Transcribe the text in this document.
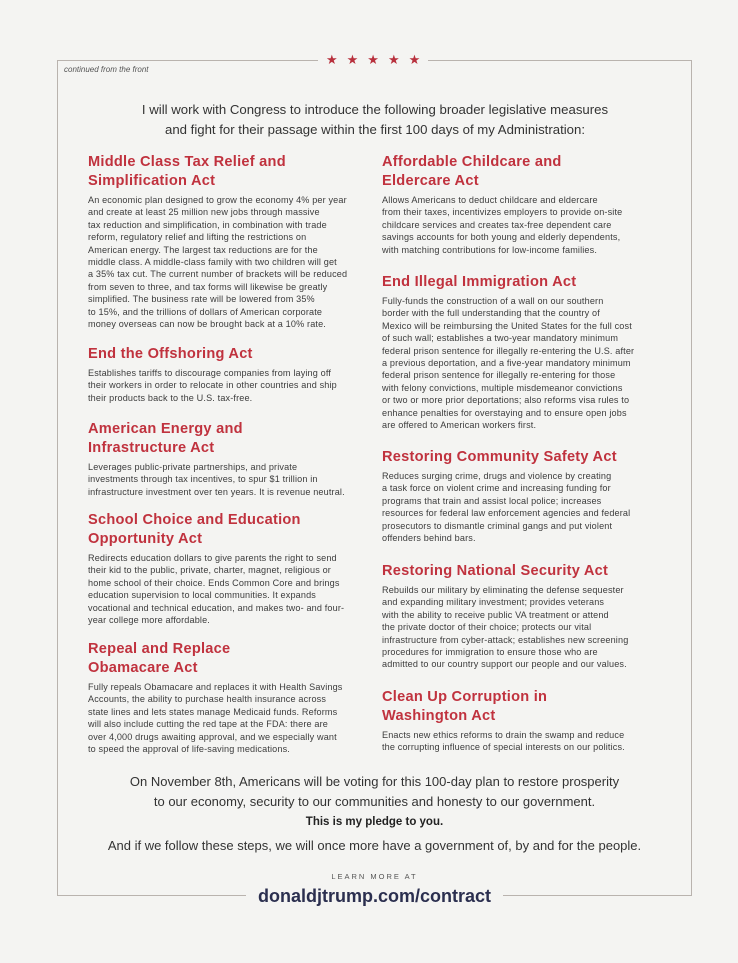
★★★★★
continued from the front
I will work with Congress to introduce the following broader legislative measures
and fight for their passage within the first 100 days of my Administration:
Middle Class Tax Relief and
Simplification Act

An economic plan designed to grow the economy 4% per year
and create at least 25 million new jobs through massive
tax reduction and simplification, in combination with trade
reform, regulatory relief and lifting the restrictions on
American energy. The largest tax reductions are for the
middle class. A middle-class family with two children will get
a 35% tax cut. The current number of brackets will be reduced
from seven to three, and tax forms will likewise be greatly
simplified. The business rate will be lowered from 35%
to 15%, and the trillions of dollars of American corporate
money overseas can now be brought back at a 10% rate.

End the Offshoring Act

Establishes tariffs to discourage companies from laying off
their workers in order to relocate in other countries and ship
their products back to the U.S. tax-free.

American Energy and
Infrastructure Act

Leverages public-private partnerships, and private
investments through tax incentives, to spur $1 trillion in
infrastructure investment over ten years. It is revenue neutral.

School Choice and Education
Opportunity Act

Redirects education dollars to give parents the right to send
their kid to the public, private, charter, magnet, religious or
home school of their choice. Ends Common Core and brings
education supervision to local communities. It expands
vocational and technical education, and makes two- and four-
year college more affordable.

Repeal and Replace
Obamacare Act

Fully repeals Obamacare and replaces it with Health Savings
Accounts, the ability to purchase health insurance across
state lines and lets states manage Medicaid funds. Reforms
will also include cutting the red tape at the FDA: there are
over 4,000 drugs awaiting approval, and we especially want
to speed the approval of life-saving medications.

Affordable Childcare and
Eldercare Act

Allows Americans to deduct childcare and eldercare
from their taxes, incentivizes employers to provide on-site
childcare services and creates tax-free dependent care
savings accounts for both young and elderly dependents,
with matching contributions for low-income families.

End Illegal Immigration Act

Fully-funds the construction of a wall on our southern
border with the full understanding that the country of
Mexico will be reimbursing the United States for the full cost
of such wall; establishes a two-year mandatory minimum
federal prison sentence for illegally re-entering the U.S. after
a previous deportation, and a five-year mandatory minimum
federal prison sentence for illegally re-entering for those
with felony convictions, multiple misdemeanor convictions
or two or more prior deportations; also reforms visa rules to
enhance penalties for overstaying and to ensure open jobs
are offered to American workers first.

Restoring Community Safety Act

Reduces surging crime, drugs and violence by creating
a task force on violent crime and increasing funding for
programs that train and assist local police; increases
resources for federal law enforcement agencies and federal
prosecutors to dismantle criminal gangs and put violent
offenders behind bars.

Restoring National Security Act

Rebuilds our military by eliminating the defense sequester
and expanding military investment; provides veterans
with the ability to receive public VA treatment or attend
the private doctor of their choice; protects our vital
infrastructure from cyber-attack; establishes new screening
procedures for immigration to ensure those who are
admitted to our country support our people and our values.

Clean Up Corruption in
Washington Act

Enacts new ethics reforms to drain the swamp and reduce
the corrupting influence of special interests on our politics.

On November 8th, Americans will be voting for this 100-day plan to restore prosperity
to our economy, security to our communities and honesty to our government.
This is my pledge to you.
And if we follow these steps, we will once more have a government of, by and for the people.
LEARN MORE AT
donaldjtrump.com/contract
